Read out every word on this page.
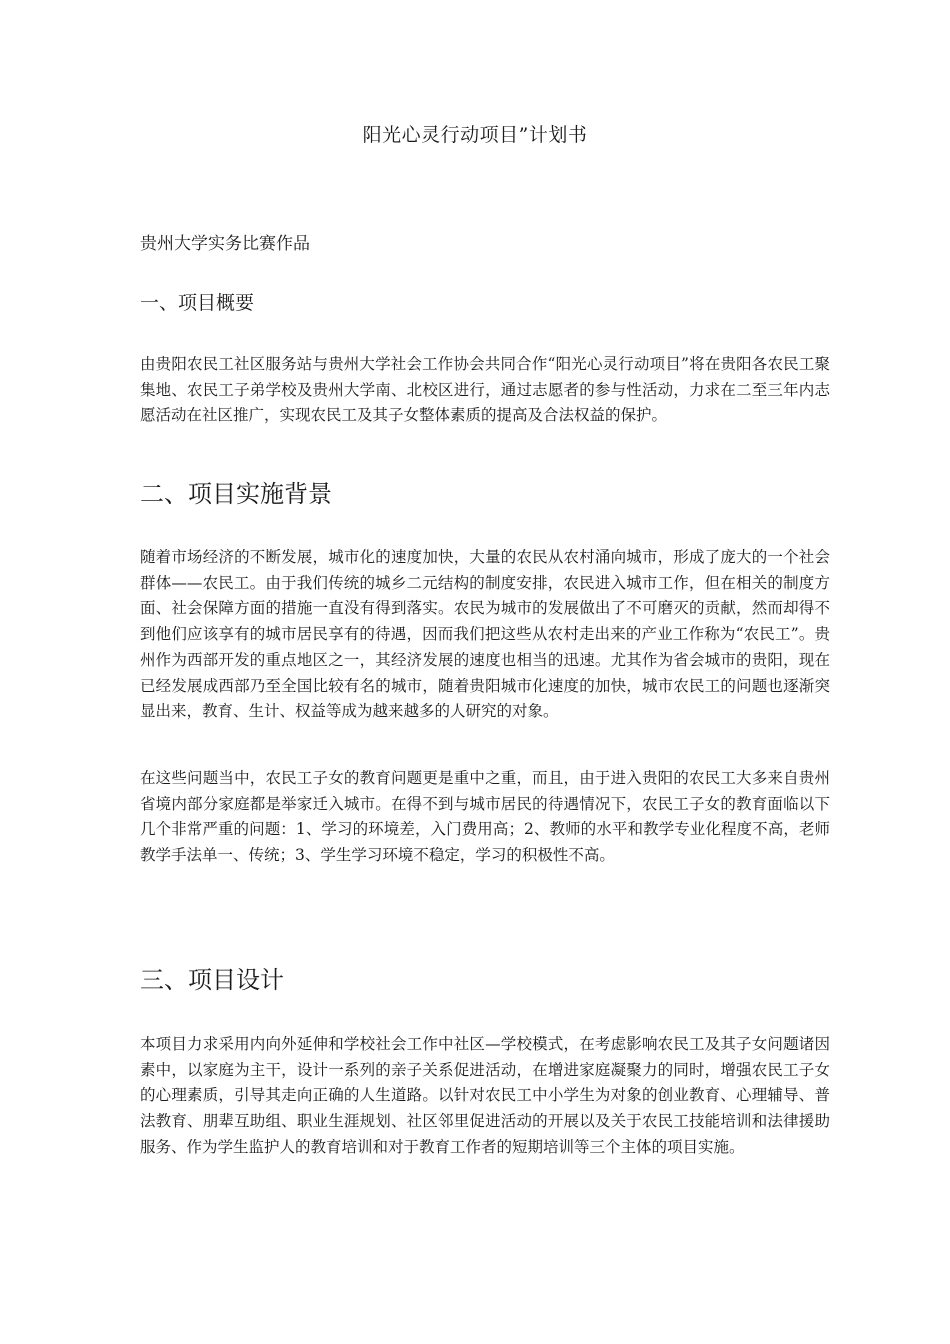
阳光心灵行动项目”计划书
贵州大学实务比赛作品
一、项目概要
由贵阳农民工社区服务站与贵州大学社会工作协会共同合作“阳光心灵行动项目”将在贵阳各农民工聚集地、农民工子弟学校及贵州大学南、北校区进行，通过志愿者的参与性活动，力求在二至三年内志愿活动在社区推广，实现农民工及其子女整体素质的提高及合法权益的保护。
二、项目实施背景
随着市场经济的不断发展，城市化的速度加快，大量的农民从农村涌向城市，形成了庞大的一个社会群体——农民工。由于我们传统的城乡二元结构的制度安排，农民进入城市工作，但在相关的制度方面、社会保障方面的措施一直没有得到落实。农民为城市的发展做出了不可磨灭的贡献，然而却得不到他们应该享有的城市居民享有的待遇，因而我们把这些从农村走出来的产业工作称为“农民工”。贵州作为西部开发的重点地区之一，其经济发展的速度也相当的迅速。尤其作为省会城市的贵阳，现在已经发展成西部乃至全国比较有名的城市，随着贵阳城市化速度的加快，城市农民工的问题也逐渐突显出来，教育、生计、权益等成为越来越多的人研究的对象。
在这些问题当中，农民工子女的教育问题更是重中之重，而且，由于进入贵阳的农民工大多来自贵州省境内部分家庭都是举家迁入城市。在得不到与城市居民的待遇情况下，农民工子女的教育面临以下几个非常严重的问题：1、学习的环境差，入门费用高；2、教师的水平和教学专业化程度不高，老师教学手法单一、传统；3、学生学习环境不稳定，学习的积极性不高。
三、项目设计
本项目力求采用内向外延伸和学校社会工作中社区—学校模式，在考虑影响农民工及其子女问题诸因素中，以家庭为主干，设计一系列的亲子关系促进活动，在增进家庭凝聚力的同时，增强农民工子女的心理素质，引导其走向正确的人生道路。以针对农民工中小学生为对象的创业教育、心理辅导、普法教育、朋辈互助组、职业生涯规划、社区邻里促进活动的开展以及关于农民工技能培训和法律援助服务、作为学生监护人的教育培训和对于教育工作者的短期培训等三个主体的项目实施。
